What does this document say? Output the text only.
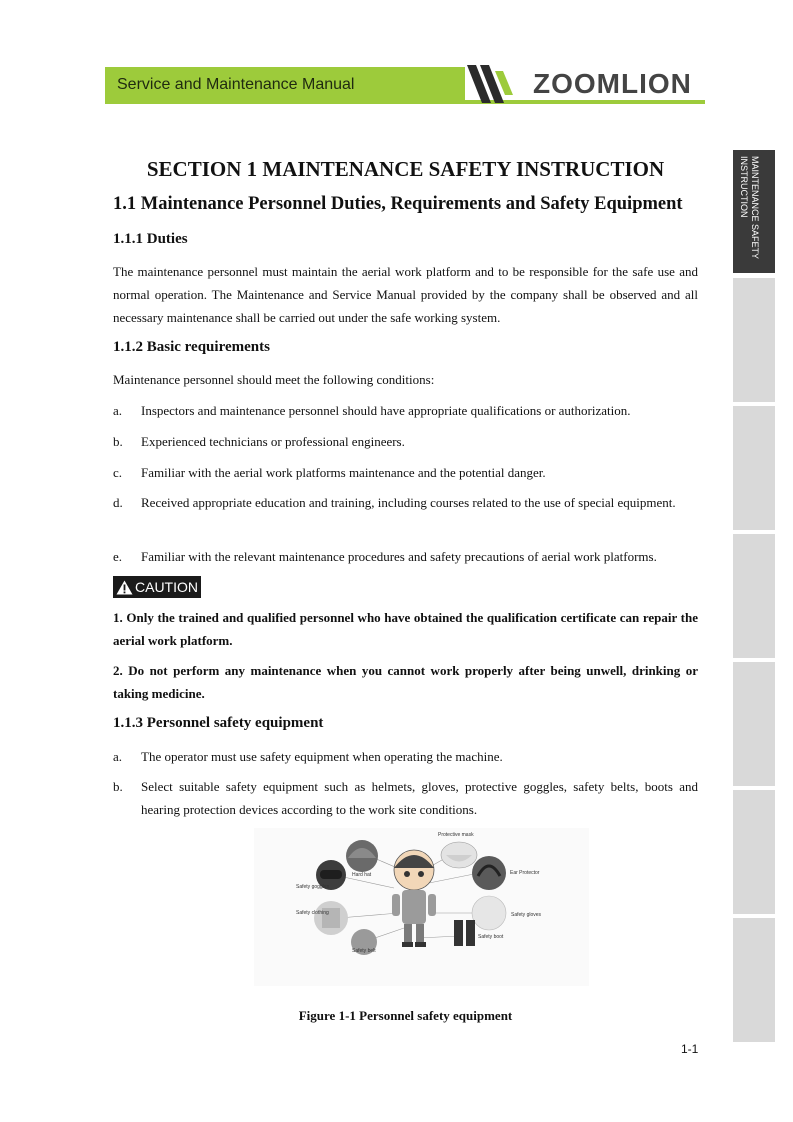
Service and Maintenance Manual	ZOOMLION
MAINTENANCE SAFETY
INSTRUCTION
SECTION 1 MAINTENANCE SAFETY INSTRUCTION
1.1 Maintenance Personnel Duties, Requirements and Safety Equipment
1.1.1 Duties
The maintenance personnel must maintain the aerial work platform and to be responsible for the safe use and normal operation. The Maintenance and Service Manual provided by the company shall be observed and all necessary maintenance shall be carried out under the safe working system.
1.1.2 Basic requirements
Maintenance personnel should meet the following conditions:
a. Inspectors and maintenance personnel should have appropriate qualifications or authorization.
b. Experienced technicians or professional engineers.
c. Familiar with the aerial work platforms maintenance and the potential danger.
d. Received appropriate education and training, including courses related to the use of special equipment.
e. Familiar with the relevant maintenance procedures and safety precautions of aerial work platforms.
CAUTION
1. Only the trained and qualified personnel who have obtained the qualification certificate can repair the aerial work platform.
2. Do not perform any maintenance when you cannot work properly after being unwell, drinking or taking medicine.
1.1.3 Personnel safety equipment
a. The operator must use safety equipment when operating the machine.
b. Select suitable safety equipment such as helmets, gloves, protective goggles, safety belts, boots and hearing protection devices according to the work site conditions.
Protective mask
Hard hat	Ear Protector
Safety goggles
Safety clothing	Safety gloves
Safety boot
Safety belt
Figure 1-1 Personnel safety equipment
1-1
